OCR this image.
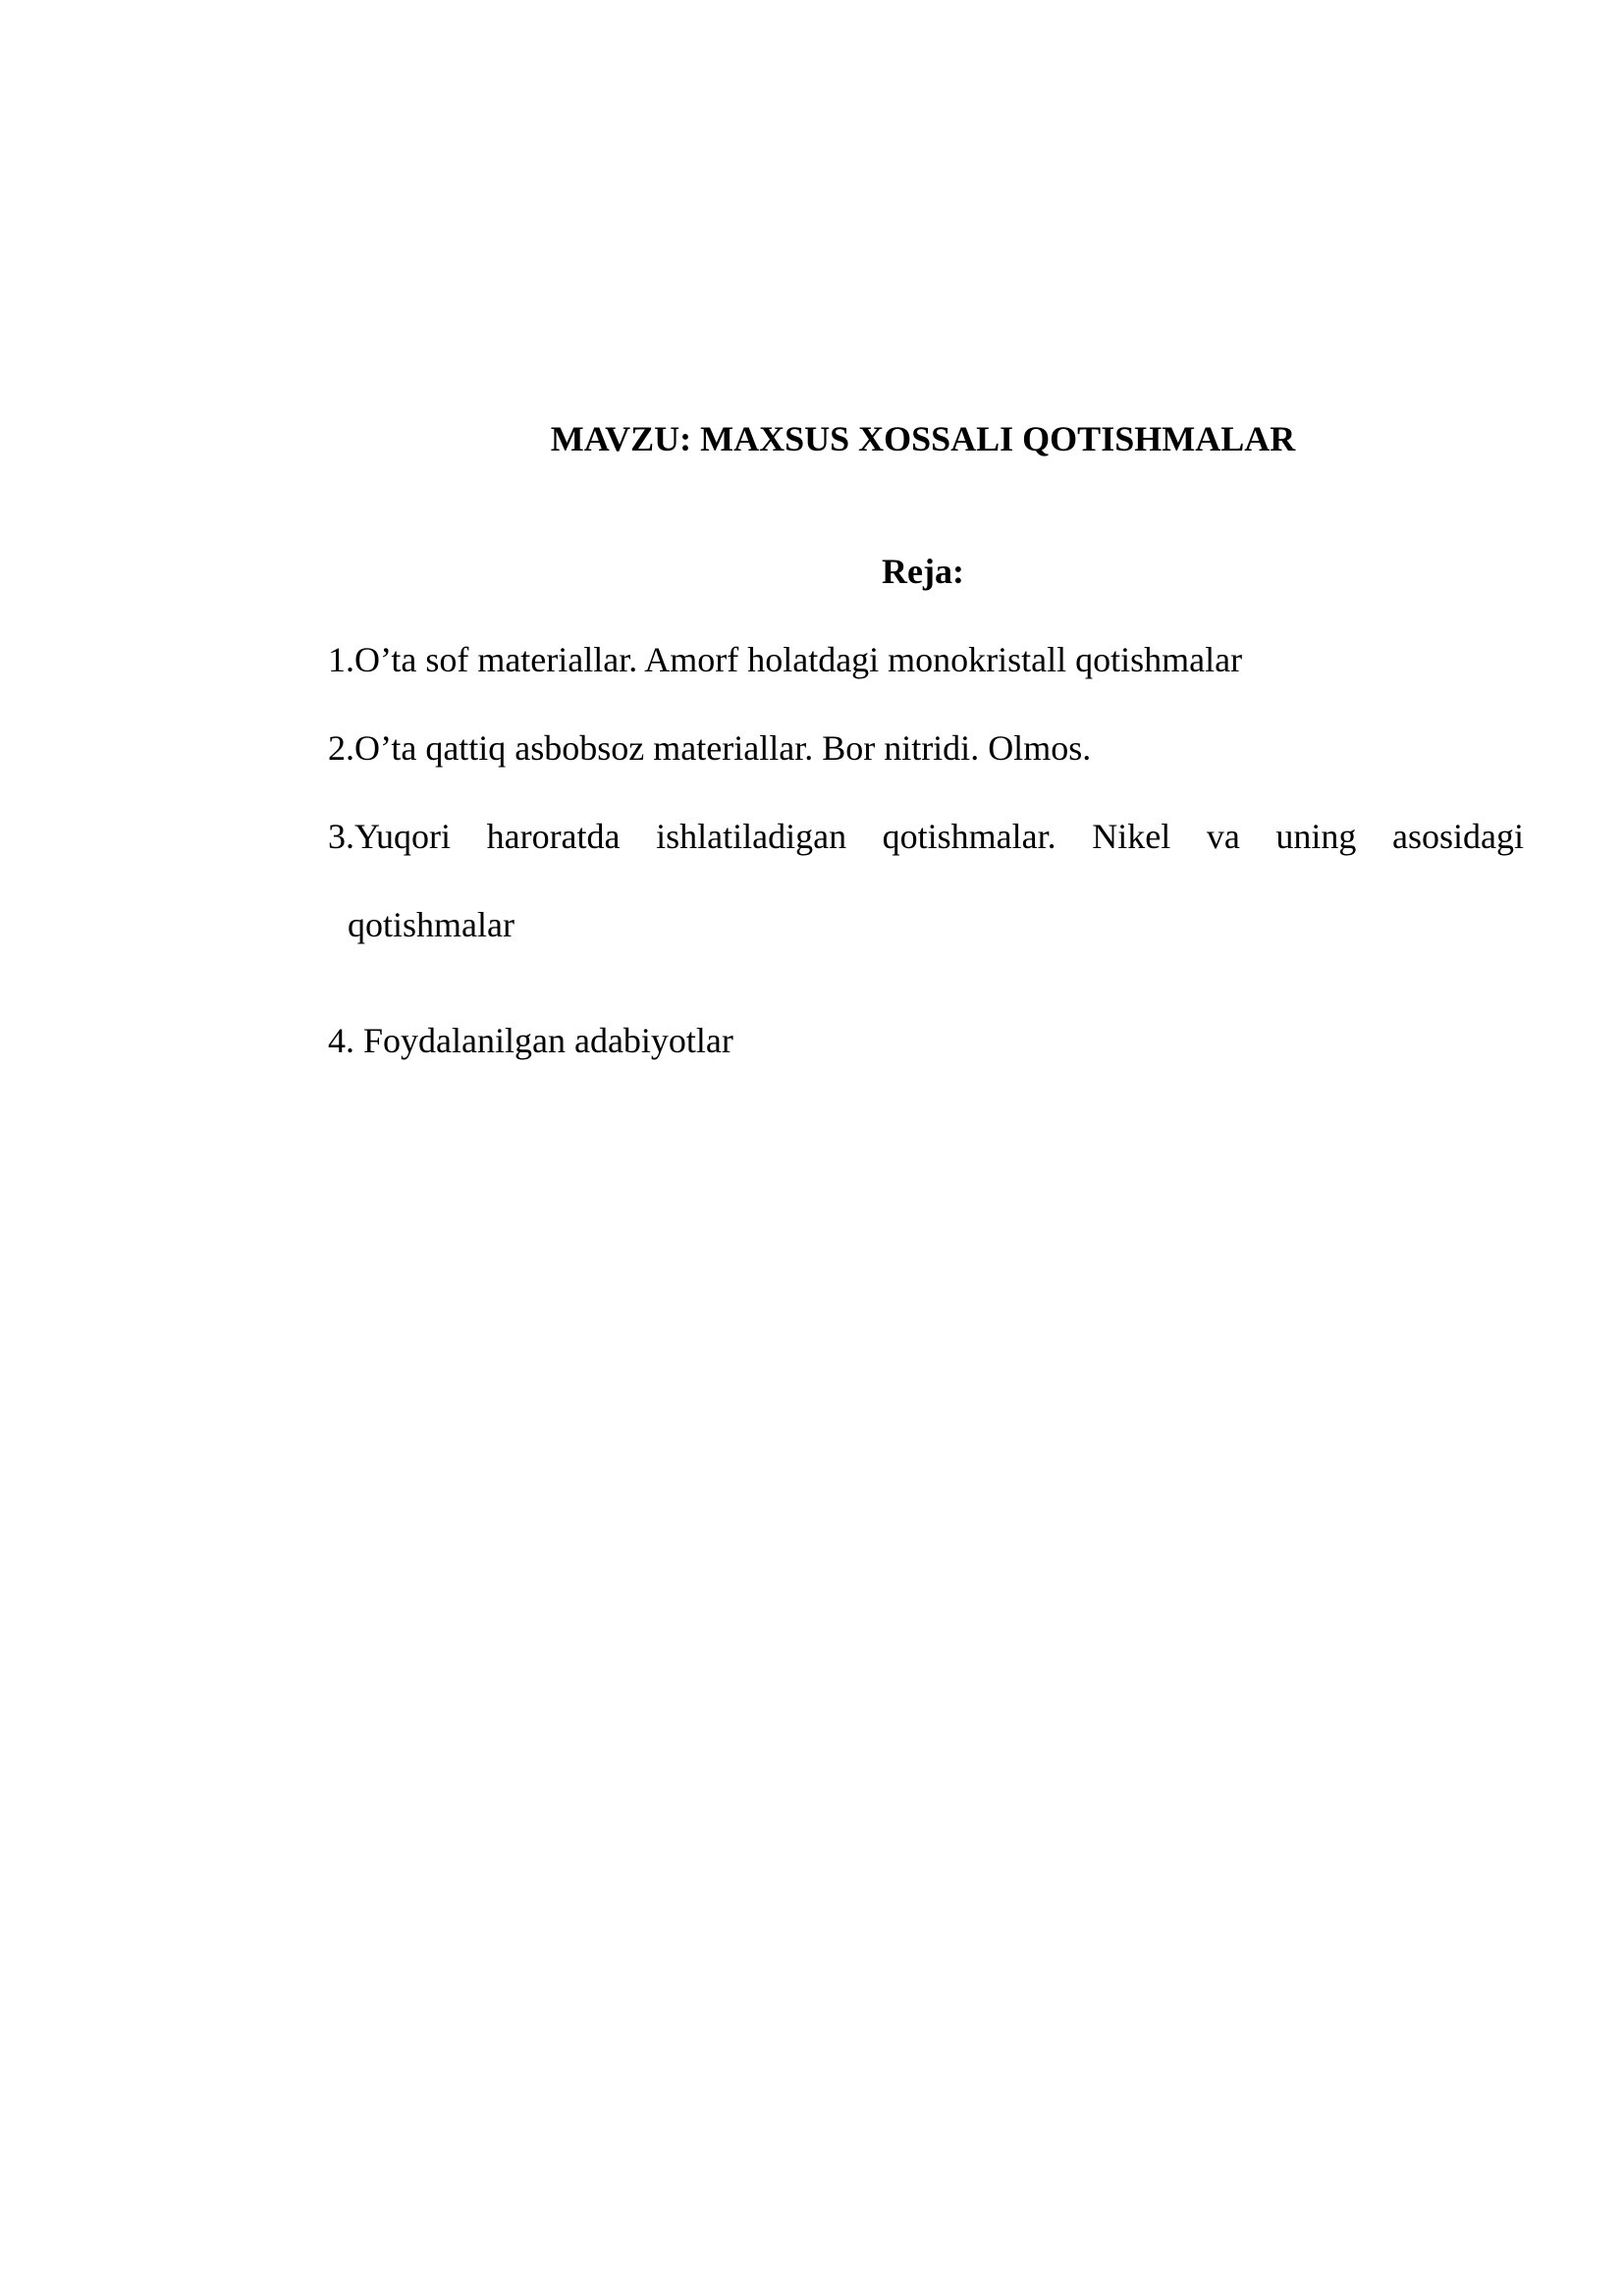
MAVZU: MAXSUS XOSSALI QOTISHMALAR
Reja:
1.O’ta sof materiallar. Amorf holatdagi monokristall qotishmalar
2.O’ta qattiq asbobsoz materiallar. Bor nitridi. Olmos.
3.Yuqori haroratda ishlatiladigan qotishmalar. Nikel va uning asosidagi
qotishmalar
4. Foydalanilgan adabiyotlar
